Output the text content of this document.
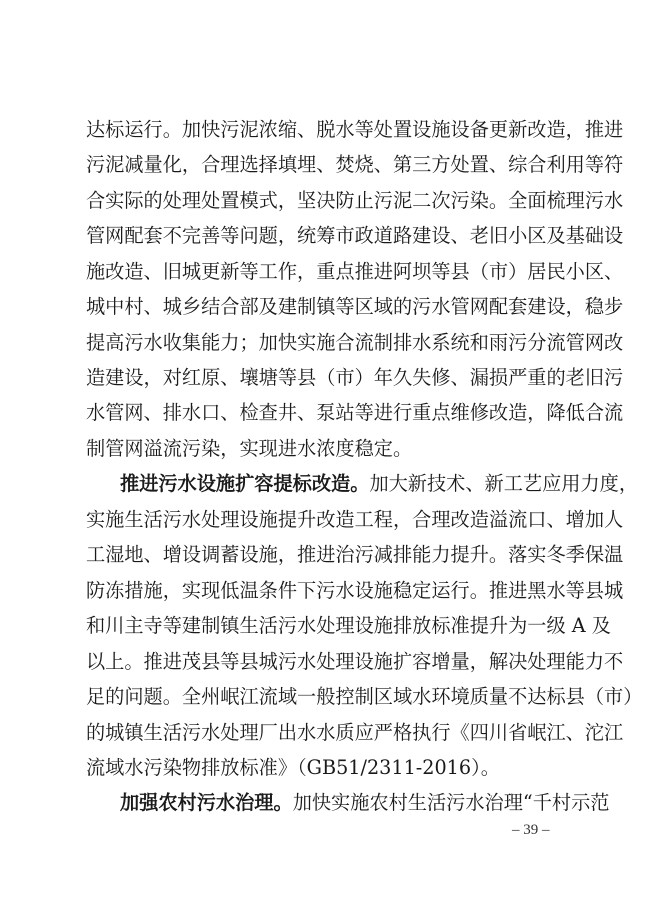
达标运行。加快污泥浓缩、脱水等处置设施设备更新改造，推进
污泥减量化，合理选择填埋、焚烧、第三方处置、综合利用等符
合实际的处理处置模式，坚决防止污泥二次污染。全面梳理污水
管网配套不完善等问题，统筹市政道路建设、老旧小区及基础设
施改造、旧城更新等工作，重点推进阿坝等县（市）居民小区、
城中村、城乡结合部及建制镇等区域的污水管网配套建设，稳步
提高污水收集能力；加快实施合流制排水系统和雨污分流管网改
造建设，对红原、壤塘等县（市）年久失修、漏损严重的老旧污
水管网、排水口、检查井、泵站等进行重点维修改造，降低合流
制管网溢流污染，实现进水浓度稳定。
推进污水设施扩容提标改造。加大新技术、新工艺应用力度，
实施生活污水处理设施提升改造工程，合理改造溢流口、增加人
工湿地、增设调蓄设施，推进治污减排能力提升。落实冬季保温
防冻措施，实现低温条件下污水设施稳定运行。推进黑水等县城
和川主寺等建制镇生活污水处理设施排放标准提升为一级 A 及
以上。推进茂县等县城污水处理设施扩容增量，解决处理能力不
足的问题。全州岷江流域一般控制区域水环境质量不达标县（市）
的城镇生活污水处理厂出水水质应严格执行《四川省岷江、沱江
流域水污染物排放标准》（GB51/2311-2016）。
加强农村污水治理。加快实施农村生活污水治理“千村示范
– 39 –
